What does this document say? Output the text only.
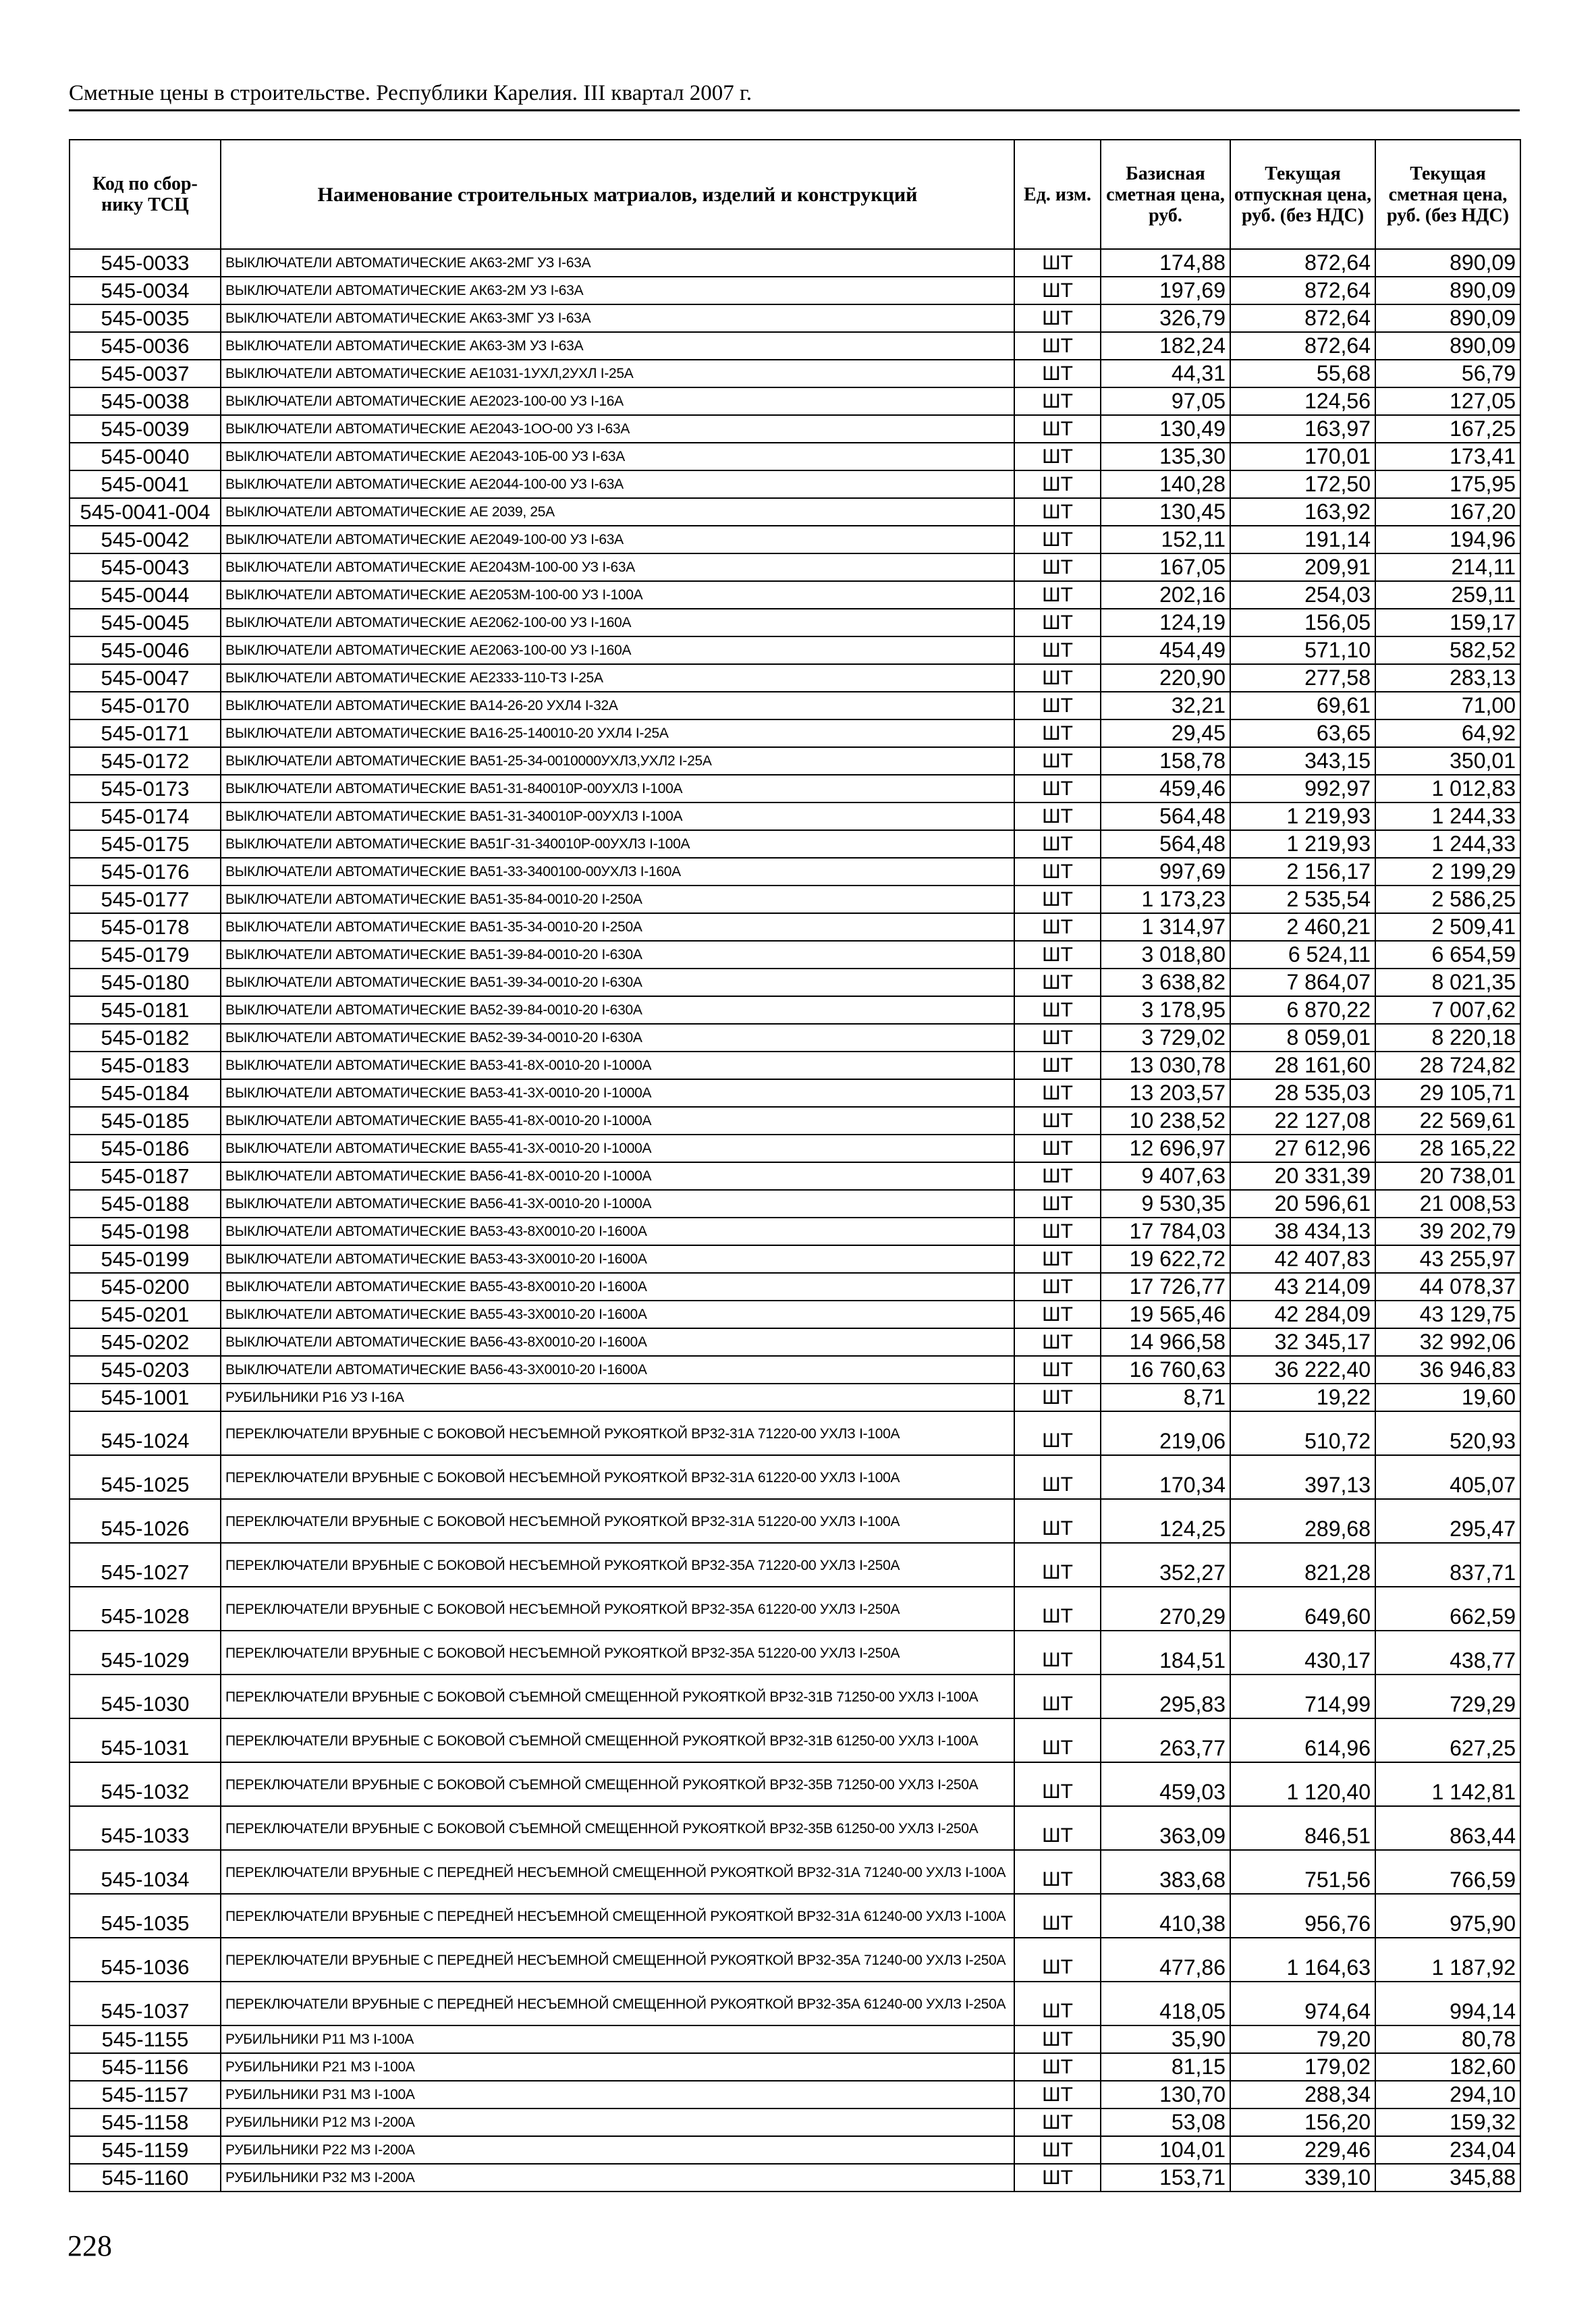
Сметные цены в строительстве. Республики Карелия. III квартал 2007 г.
Код по сбор-нику ТСЦ	Наименование строительных матриалов, изделий и конструкций	Ед. изм.	Базисная сметная цена, руб.	Текущая отпускная цена, руб. (без НДС)	Текущая сметная цена, руб. (без НДС)
545-0033	ВЫКЛЮЧАТЕЛИ АВТОМАТИЧЕСКИЕ АК63-2МГ УЗ I-63А	ШТ	174,88	872,64	890,09
545-0034	ВЫКЛЮЧАТЕЛИ АВТОМАТИЧЕСКИЕ АК63-2М УЗ I-63А	ШТ	197,69	872,64	890,09
545-0035	ВЫКЛЮЧАТЕЛИ АВТОМАТИЧЕСКИЕ АК63-3МГ УЗ I-63А	ШТ	326,79	872,64	890,09
545-0036	ВЫКЛЮЧАТЕЛИ АВТОМАТИЧЕСКИЕ АК63-3М УЗ I-63А	ШТ	182,24	872,64	890,09
545-0037	ВЫКЛЮЧАТЕЛИ АВТОМАТИЧЕСКИЕ АЕ1031-1УХЛ,2УХЛ I-25А	ШТ	44,31	55,68	56,79
545-0038	ВЫКЛЮЧАТЕЛИ АВТОМАТИЧЕСКИЕ АЕ2023-100-00 УЗ I-16А	ШТ	97,05	124,56	127,05
545-0039	ВЫКЛЮЧАТЕЛИ АВТОМАТИЧЕСКИЕ АЕ2043-1ОО-00 УЗ I-63А	ШТ	130,49	163,97	167,25
545-0040	ВЫКЛЮЧАТЕЛИ АВТОМАТИЧЕСКИЕ АЕ2043-10Б-00 УЗ I-63А	ШТ	135,30	170,01	173,41
545-0041	ВЫКЛЮЧАТЕЛИ АВТОМАТИЧЕСКИЕ АЕ2044-100-00 УЗ I-63А	ШТ	140,28	172,50	175,95
545-0041-004	ВЫКЛЮЧАТЕЛИ АВТОМАТИЧЕСКИЕ АЕ 2039, 25А	ШТ	130,45	163,92	167,20
545-0042	ВЫКЛЮЧАТЕЛИ АВТОМАТИЧЕСКИЕ АЕ2049-100-00 УЗ I-63А	ШТ	152,11	191,14	194,96
545-0043	ВЫКЛЮЧАТЕЛИ АВТОМАТИЧЕСКИЕ АЕ2043М-100-00 УЗ I-63А	ШТ	167,05	209,91	214,11
545-0044	ВЫКЛЮЧАТЕЛИ АВТОМАТИЧЕСКИЕ АЕ2053М-100-00 УЗ I-100А	ШТ	202,16	254,03	259,11
545-0045	ВЫКЛЮЧАТЕЛИ АВТОМАТИЧЕСКИЕ АЕ2062-100-00 УЗ I-160А	ШТ	124,19	156,05	159,17
545-0046	ВЫКЛЮЧАТЕЛИ АВТОМАТИЧЕСКИЕ АЕ2063-100-00 УЗ I-160А	ШТ	454,49	571,10	582,52
545-0047	ВЫКЛЮЧАТЕЛИ АВТОМАТИЧЕСКИЕ АЕ2333-110-ТЗ I-25А	ШТ	220,90	277,58	283,13
545-0170	ВЫКЛЮЧАТЕЛИ АВТОМАТИЧЕСКИЕ ВА14-26-20 УХЛ4 I-32А	ШТ	32,21	69,61	71,00
545-0171	ВЫКЛЮЧАТЕЛИ АВТОМАТИЧЕСКИЕ ВА16-25-140010-20 УХЛ4 I-25А	ШТ	29,45	63,65	64,92
545-0172	ВЫКЛЮЧАТЕЛИ АВТОМАТИЧЕСКИЕ ВА51-25-34-0010000УХЛЗ,УХЛ2 I-25А	ШТ	158,78	343,15	350,01
545-0173	ВЫКЛЮЧАТЕЛИ АВТОМАТИЧЕСКИЕ ВА51-31-840010Р-00УХЛЗ I-100А	ШТ	459,46	992,97	1 012,83
545-0174	ВЫКЛЮЧАТЕЛИ АВТОМАТИЧЕСКИЕ ВА51-31-340010Р-00УХЛЗ I-100А	ШТ	564,48	1 219,93	1 244,33
545-0175	ВЫКЛЮЧАТЕЛИ АВТОМАТИЧЕСКИЕ ВА51Г-31-340010Р-00УХЛЗ I-100А	ШТ	564,48	1 219,93	1 244,33
545-0176	ВЫКЛЮЧАТЕЛИ АВТОМАТИЧЕСКИЕ ВА51-33-3400100-00УХЛЗ I-160А	ШТ	997,69	2 156,17	2 199,29
545-0177	ВЫКЛЮЧАТЕЛИ АВТОМАТИЧЕСКИЕ ВА51-35-84-0010-20 I-250А	ШТ	1 173,23	2 535,54	2 586,25
545-0178	ВЫКЛЮЧАТЕЛИ АВТОМАТИЧЕСКИЕ ВА51-35-34-0010-20 I-250А	ШТ	1 314,97	2 460,21	2 509,41
545-0179	ВЫКЛЮЧАТЕЛИ АВТОМАТИЧЕСКИЕ ВА51-39-84-0010-20 I-630А	ШТ	3 018,80	6 524,11	6 654,59
545-0180	ВЫКЛЮЧАТЕЛИ АВТОМАТИЧЕСКИЕ ВА51-39-34-0010-20 I-630А	ШТ	3 638,82	7 864,07	8 021,35
545-0181	ВЫКЛЮЧАТЕЛИ АВТОМАТИЧЕСКИЕ ВА52-39-84-0010-20 I-630А	ШТ	3 178,95	6 870,22	7 007,62
545-0182	ВЫКЛЮЧАТЕЛИ АВТОМАТИЧЕСКИЕ ВА52-39-34-0010-20 I-630А	ШТ	3 729,02	8 059,01	8 220,18
545-0183	ВЫКЛЮЧАТЕЛИ АВТОМАТИЧЕСКИЕ ВА53-41-8Х-0010-20 I-1000А	ШТ	13 030,78	28 161,60	28 724,82
545-0184	ВЫКЛЮЧАТЕЛИ АВТОМАТИЧЕСКИЕ ВА53-41-3Х-0010-20 I-1000А	ШТ	13 203,57	28 535,03	29 105,71
545-0185	ВЫКЛЮЧАТЕЛИ АВТОМАТИЧЕСКИЕ ВА55-41-8Х-0010-20 I-1000А	ШТ	10 238,52	22 127,08	22 569,61
545-0186	ВЫКЛЮЧАТЕЛИ АВТОМАТИЧЕСКИЕ ВА55-41-3Х-0010-20 I-1000А	ШТ	12 696,97	27 612,96	28 165,22
545-0187	ВЫКЛЮЧАТЕЛИ АВТОМАТИЧЕСКИЕ ВА56-41-8Х-0010-20 I-1000А	ШТ	9 407,63	20 331,39	20 738,01
545-0188	ВЫКЛЮЧАТЕЛИ АВТОМАТИЧЕСКИЕ ВА56-41-3Х-0010-20 I-1000А	ШТ	9 530,35	20 596,61	21 008,53
545-0198	ВЫКЛЮЧАТЕЛИ АВТОМАТИЧЕСКИЕ ВА53-43-8Х0010-20 I-1600А	ШТ	17 784,03	38 434,13	39 202,79
545-0199	ВЫКЛЮЧАТЕЛИ АВТОМАТИЧЕСКИЕ ВА53-43-3Х0010-20 I-1600А	ШТ	19 622,72	42 407,83	43 255,97
545-0200	ВЫКЛЮЧАТЕЛИ АВТОМАТИЧЕСКИЕ ВА55-43-8Х0010-20 I-1600А	ШТ	17 726,77	43 214,09	44 078,37
545-0201	ВЫКЛЮЧАТЕЛИ АВТОМАТИЧЕСКИЕ ВА55-43-3Х0010-20 I-1600А	ШТ	19 565,46	42 284,09	43 129,75
545-0202	ВЫКЛЮЧАТЕЛИ АВТОМАТИЧЕСКИЕ ВА56-43-8Х0010-20 I-1600А	ШТ	14 966,58	32 345,17	32 992,06
545-0203	ВЫКЛЮЧАТЕЛИ АВТОМАТИЧЕСКИЕ ВА56-43-3Х0010-20 I-1600А	ШТ	16 760,63	36 222,40	36 946,83
545-1001	РУБИЛЬНИКИ Р16 УЗ I-16А	ШТ	8,71	19,22	19,60
545-1024	ПЕРЕКЛЮЧАТЕЛИ ВРУБНЫЕ С БОКОВОЙ НЕСЪЕМНОЙ РУКОЯТКОЙ ВР32-31А 71220-00 УХЛЗ I-100А	ШТ	219,06	510,72	520,93
545-1025	ПЕРЕКЛЮЧАТЕЛИ ВРУБНЫЕ С БОКОВОЙ НЕСЪЕМНОЙ РУКОЯТКОЙ ВР32-31А 61220-00 УХЛЗ I-100А	ШТ	170,34	397,13	405,07
545-1026	ПЕРЕКЛЮЧАТЕЛИ ВРУБНЫЕ С БОКОВОЙ НЕСЪЕМНОЙ РУКОЯТКОЙ ВР32-31А 51220-00 УХЛЗ I-100А	ШТ	124,25	289,68	295,47
545-1027	ПЕРЕКЛЮЧАТЕЛИ ВРУБНЫЕ С БОКОВОЙ НЕСЪЕМНОЙ РУКОЯТКОЙ ВР32-35А 71220-00 УХЛЗ I-250А	ШТ	352,27	821,28	837,71
545-1028	ПЕРЕКЛЮЧАТЕЛИ ВРУБНЫЕ С БОКОВОЙ НЕСЪЕМНОЙ РУКОЯТКОЙ ВР32-35А 61220-00 УХЛЗ I-250А	ШТ	270,29	649,60	662,59
545-1029	ПЕРЕКЛЮЧАТЕЛИ ВРУБНЫЕ С БОКОВОЙ НЕСЪЕМНОЙ РУКОЯТКОЙ ВР32-35А 51220-00 УХЛЗ I-250А	ШТ	184,51	430,17	438,77
545-1030	ПЕРЕКЛЮЧАТЕЛИ ВРУБНЫЕ С БОКОВОЙ СЪЕМНОЙ СМЕЩЕННОЙ РУКОЯТКОЙ ВР32-31В 71250-00 УХЛЗ I-100А	ШТ	295,83	714,99	729,29
545-1031	ПЕРЕКЛЮЧАТЕЛИ ВРУБНЫЕ С БОКОВОЙ СЪЕМНОЙ СМЕЩЕННОЙ РУКОЯТКОЙ ВР32-31В 61250-00 УХЛЗ I-100А	ШТ	263,77	614,96	627,25
545-1032	ПЕРЕКЛЮЧАТЕЛИ ВРУБНЫЕ С БОКОВОЙ СЪЕМНОЙ СМЕЩЕННОЙ РУКОЯТКОЙ ВР32-35В 71250-00 УХЛЗ I-250А	ШТ	459,03	1 120,40	1 142,81
545-1033	ПЕРЕКЛЮЧАТЕЛИ ВРУБНЫЕ С БОКОВОЙ СЪЕМНОЙ СМЕЩЕННОЙ РУКОЯТКОЙ ВР32-35В 61250-00 УХЛЗ I-250А	ШТ	363,09	846,51	863,44
545-1034	ПЕРЕКЛЮЧАТЕЛИ ВРУБНЫЕ С ПЕРЕДНЕЙ НЕСЪЕМНОЙ СМЕЩЕННОЙ РУКОЯТКОЙ ВР32-31А 71240-00 УХЛЗ I-100А	ШТ	383,68	751,56	766,59
545-1035	ПЕРЕКЛЮЧАТЕЛИ ВРУБНЫЕ С ПЕРЕДНЕЙ НЕСЪЕМНОЙ СМЕЩЕННОЙ РУКОЯТКОЙ ВР32-31А 61240-00 УХЛЗ I-100А	ШТ	410,38	956,76	975,90
545-1036	ПЕРЕКЛЮЧАТЕЛИ ВРУБНЫЕ С ПЕРЕДНЕЙ НЕСЪЕМНОЙ СМЕЩЕННОЙ РУКОЯТКОЙ ВР32-35А 71240-00 УХЛЗ I-250А	ШТ	477,86	1 164,63	1 187,92
545-1037	ПЕРЕКЛЮЧАТЕЛИ ВРУБНЫЕ С ПЕРЕДНЕЙ НЕСЪЕМНОЙ СМЕЩЕННОЙ РУКОЯТКОЙ ВР32-35А 61240-00 УХЛЗ I-250А	ШТ	418,05	974,64	994,14
545-1155	РУБИЛЬНИКИ Р11 МЗ I-100А	ШТ	35,90	79,20	80,78
545-1156	РУБИЛЬНИКИ Р21 МЗ I-100А	ШТ	81,15	179,02	182,60
545-1157	РУБИЛЬНИКИ Р31 МЗ I-100А	ШТ	130,70	288,34	294,10
545-1158	РУБИЛЬНИКИ Р12 МЗ I-200А	ШТ	53,08	156,20	159,32
545-1159	РУБИЛЬНИКИ Р22 МЗ I-200А	ШТ	104,01	229,46	234,04
545-1160	РУБИЛЬНИКИ Р32 МЗ I-200А	ШТ	153,71	339,10	345,88
228
